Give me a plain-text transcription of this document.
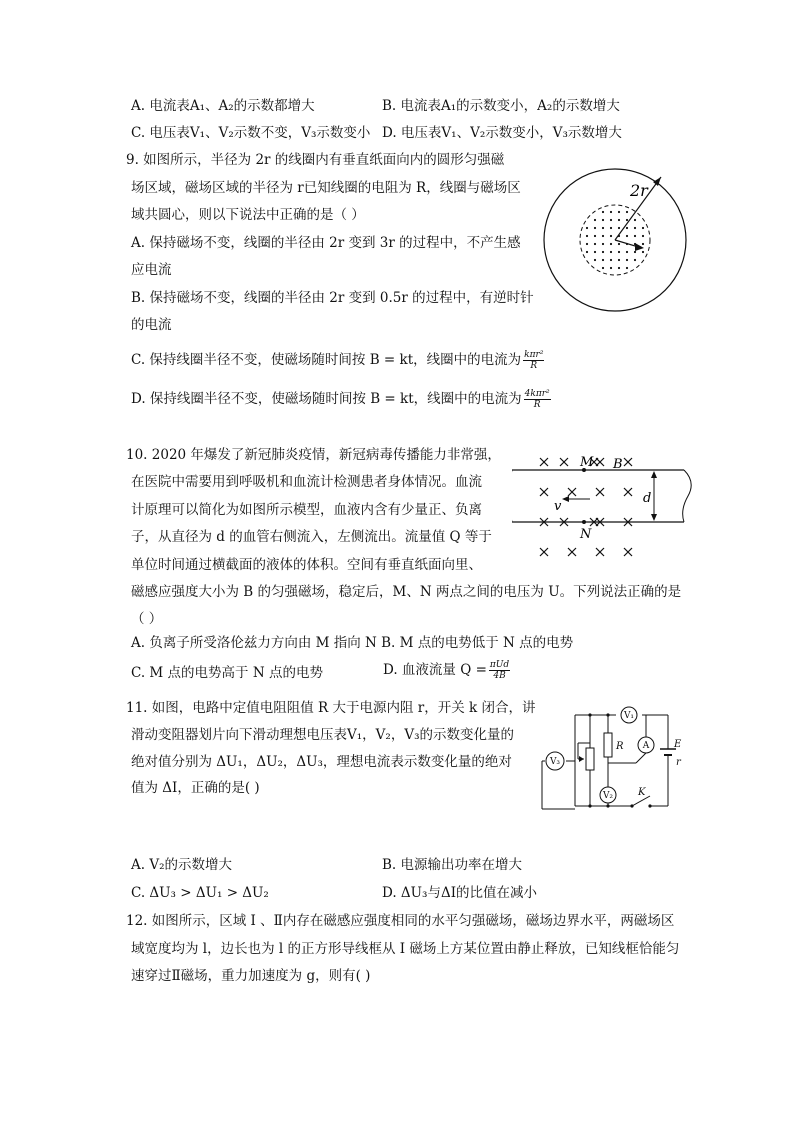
A. 电流表A₁、A₂的示数都增大	B. 电流表A₁的示数变小，A₂的示数增大
C. 电压表V₁、V₂示数不变，V₃示数变小 D. 电压表V₁、V₂示数变小，V₃示数增大
9. 如图所示，半径为 2r 的线圈内有垂直纸面向内的圆形匀强磁
场区域，磁场区域的半径为 r已知线圈的电阻为 R，线圈与磁场区
域共圆心，则以下说法中正确的是（ ）
A. 保持磁场不变，线圈的半径由 2r 变到 3r 的过程中，不产生感
应电流
B. 保持磁场不变，线圈的半径由 2r 变到 0.5r 的过程中，有逆时针
的电流
C. 保持线圈半径不变，使磁场随时间按 B = kt，线圈中的电流为 $\frac{\text{kπr²}}{R}$
D. 保持线圈半径不变，使磁场随时间按 B = kt，线圈中的电流为 $\frac{\text{4kπr²}}{R}$
2r
10. 2020 年爆发了新冠肺炎疫情，新冠病毒传播能力非常强，
在医院中需要用到呼吸机和血流计检测患者身体情况。血流
计原理可以简化为如图所示模型，血液内含有少量正、负离
子，从直径为 d 的血管右侧流入，左侧流出。流量值 Q 等于
单位时间通过横截面的液体的体积。空间有垂直纸面向里、
磁感应强度大小为 B 的匀强磁场，稳定后，M、N 两点之间的电压为 U。下列说法正确的是
（ ）
A. 负离子所受洛伦兹力方向由 M 指向 N B. M 点的电势低于 N 点的电势
C. M 点的电势高于 N 点的电势	D. 血液流量 $Q = \frac{\text{πUd}}{4B}$
M
N
B
d
v
11. 如图，电路中定值电阻阻值 R 大于电源内阻 r，开关 k 闭合，讲
滑动变阻器划片向下滑动理想电压表V₁，V₂，V₃的示数变化量的
绝对值分别为 ΔU₁，ΔU₂，ΔU₃，理想电流表示数变化量的绝对
值为 ΔI，正确的是( )
A. V₂的示数增大	B. 电源输出功率在增大
C. ΔU₃ > ΔU₁ > ΔU₂	D. ΔU₃与ΔI的比值在减小
V₁
V₂
V₃
A
R	E
r
K
12. 如图所示，区域 Ⅰ 、Ⅱ内存在磁感应强度相同的水平匀强磁场，磁场边界水平，两磁场区
域宽度均为 l，边长也为 l 的正方形导线框从 Ⅰ 磁场上方某位置由静止释放，已知线框恰能匀
速穿过Ⅱ磁场，重力加速度为 g，则有( )
